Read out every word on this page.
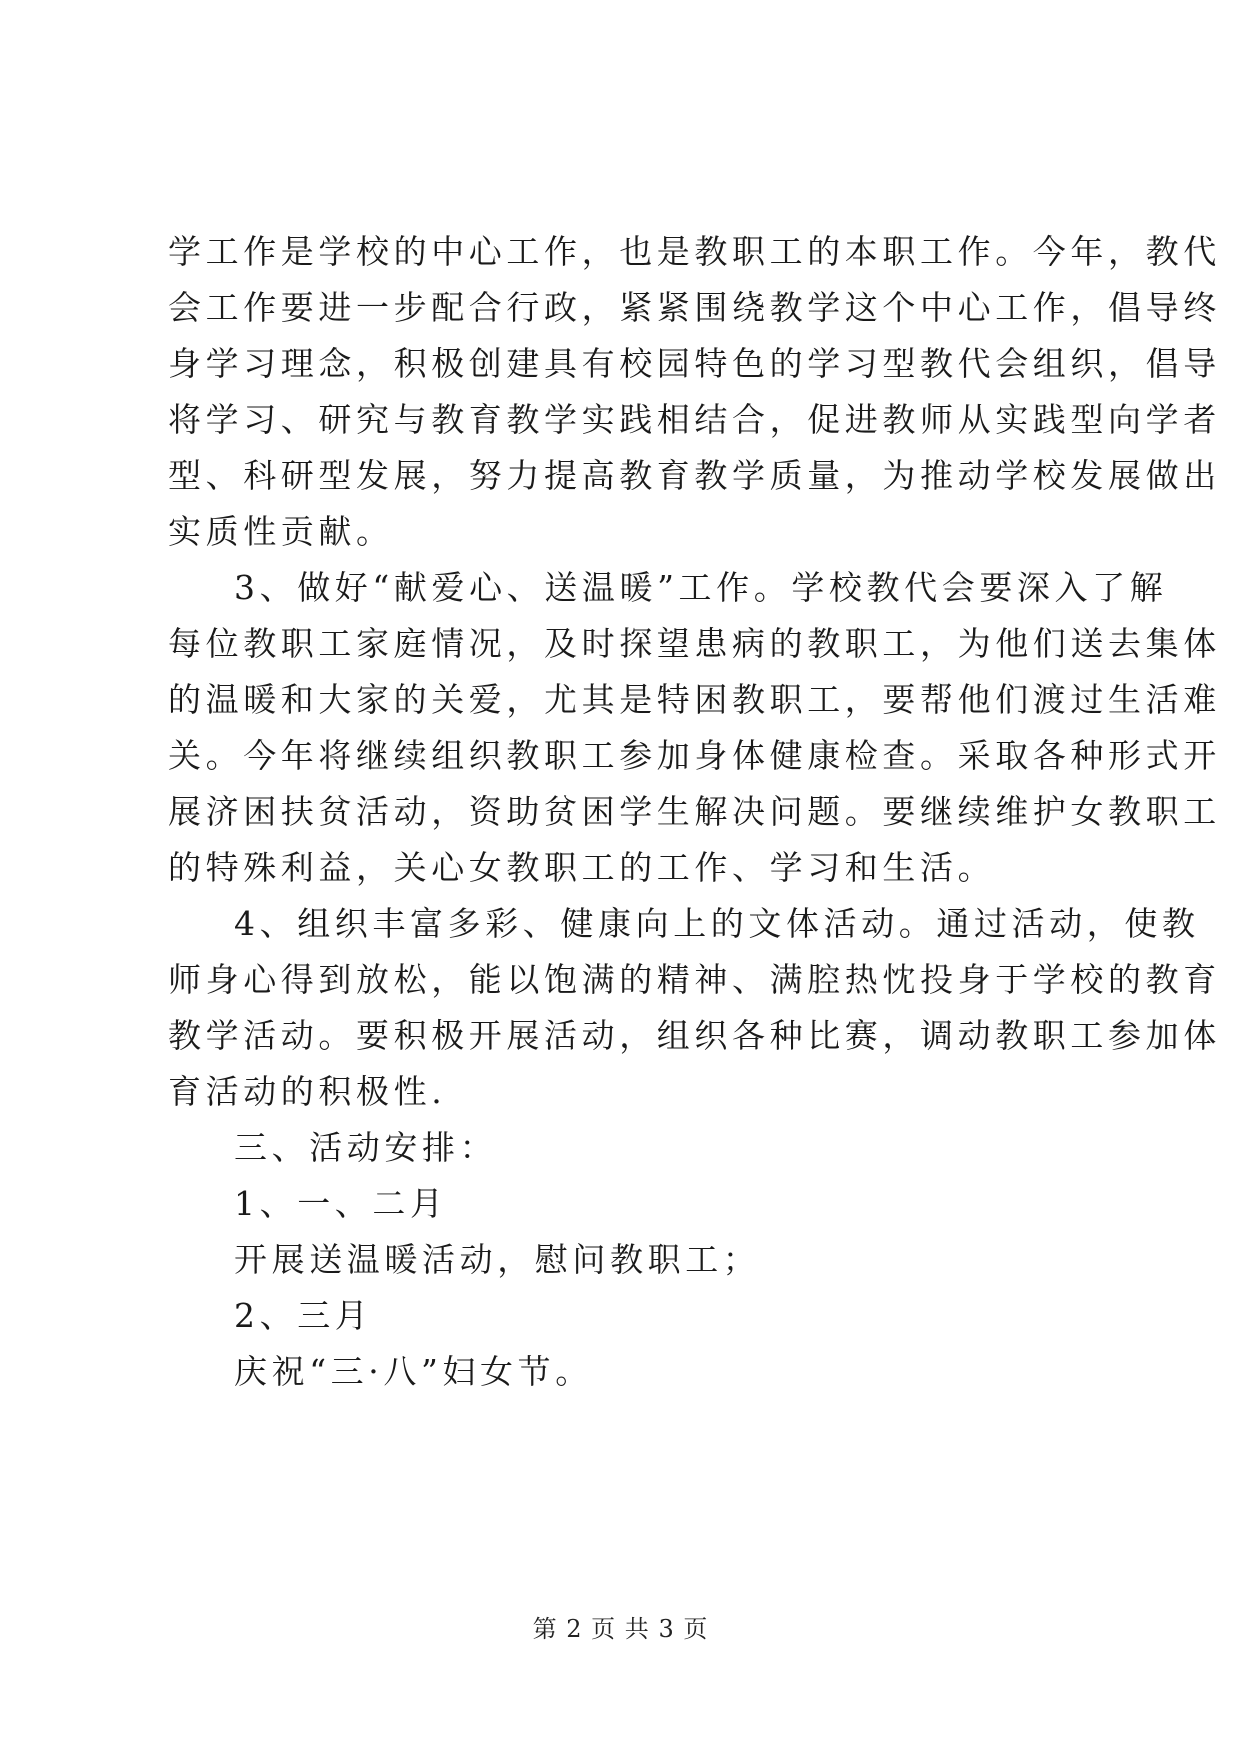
学工作是学校的中心工作，也是教职工的本职工作。今年，教代
会工作要进一步配合行政，紧紧围绕教学这个中心工作，倡导终
身学习理念，积极创建具有校园特色的学习型教代会组织，倡导
将学习、研究与教育教学实践相结合，促进教师从实践型向学者
型、科研型发展，努力提高教育教学质量，为推动学校发展做出
实质性贡献。
3、做好“献爱心、送温暖”工作。学校教代会要深入了解
每位教职工家庭情况，及时探望患病的教职工，为他们送去集体
的温暖和大家的关爱，尤其是特困教职工，要帮他们渡过生活难
关。今年将继续组织教职工参加身体健康检查。采取各种形式开
展济困扶贫活动，资助贫困学生解决问题。要继续维护女教职工
的特殊利益，关心女教职工的工作、学习和生活。
4、组织丰富多彩、健康向上的文体活动。通过活动，使教
师身心得到放松，能以饱满的精神、满腔热忱投身于学校的教育
教学活动。要积极开展活动，组织各种比赛，调动教职工参加体
育活动的积极性.
三、活动安排：
1、一、二月
开展送温暖活动，慰问教职工；
2、三月
庆祝“三·八”妇女节。
第 2 页 共 3 页
